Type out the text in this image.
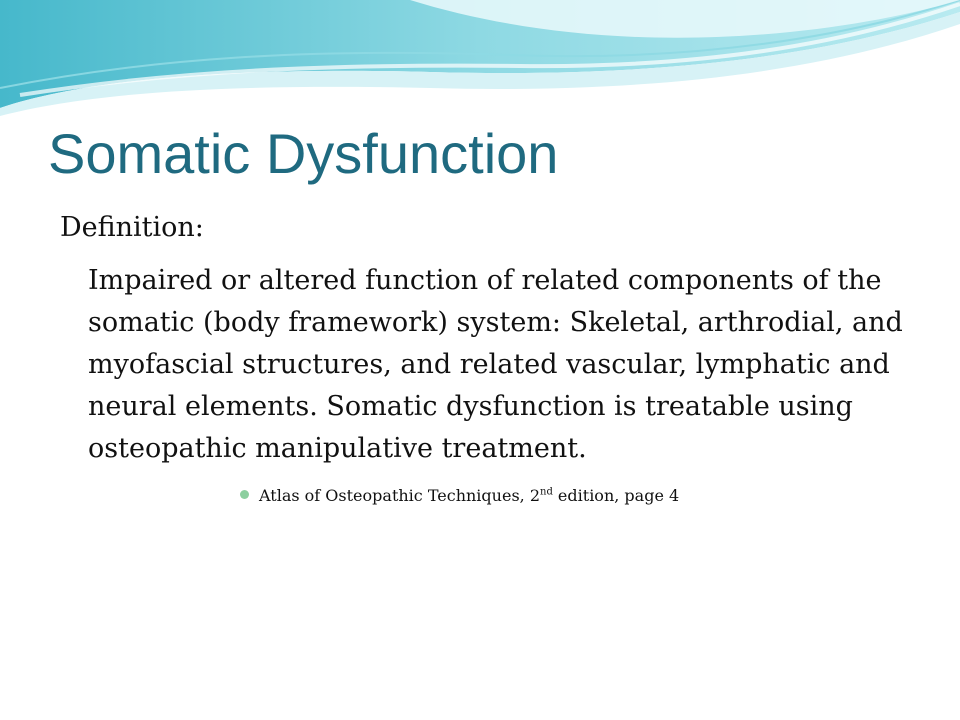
Somatic Dysfunction

Definition:

Impaired or altered function of related components of the somatic (body framework) system: Skeletal, arthrodial, and myofascial structures, and related vascular, lymphatic and neural elements. Somatic dysfunction is treatable using osteopathic manipulative treatment.

Atlas of Osteopathic Techniques, 2nd edition, page 4
